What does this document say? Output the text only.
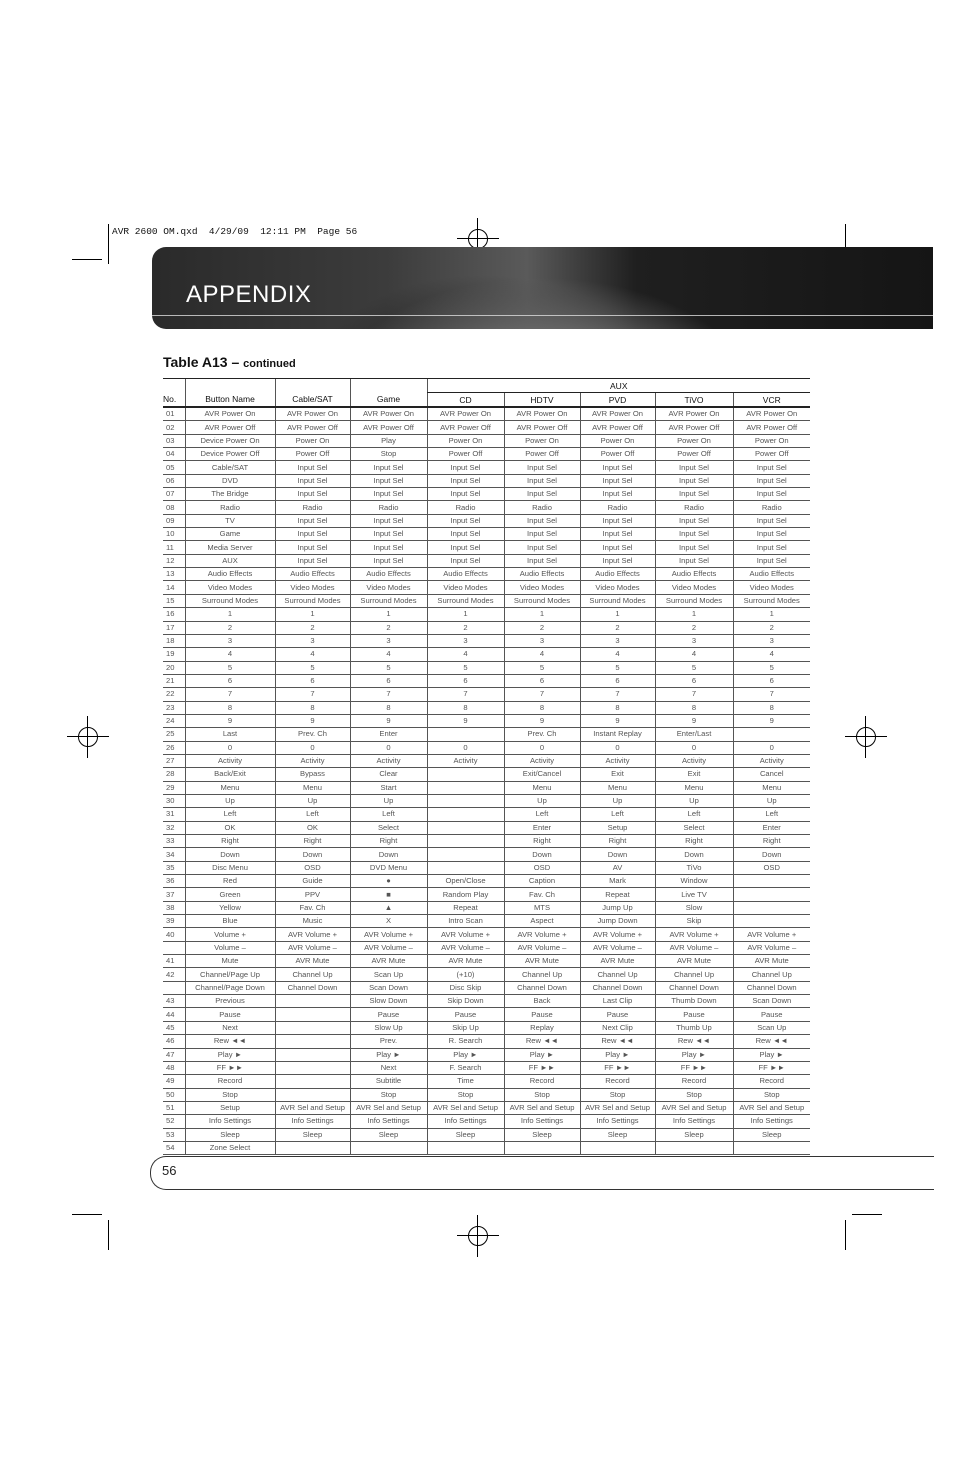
AVR 2600 OM.qxd  4/29/09  12:11 PM  Page 56
APPENDIX
Table A13 – continued
				AUX				
No.	Button Name	Cable/SAT	Game	CD	HDTV	PVD	TiVO	VCR
01	AVR Power On	AVR Power On	AVR Power On	AVR Power On	AVR Power On	AVR Power On	AVR Power On	AVR Power On
02	AVR Power Off	AVR Power Off	AVR Power Off	AVR Power Off	AVR Power Off	AVR Power Off	AVR Power Off	AVR Power Off
03	Device Power On	Power On	Play	Power On	Power On	Power On	Power On	Power On
04	Device Power Off	Power Off	Stop	Power Off	Power Off	Power Off	Power Off	Power Off
05	Cable/SAT	Input Sel	Input Sel	Input Sel	Input Sel	Input Sel	Input Sel	Input Sel
06	DVD	Input Sel	Input Sel	Input Sel	Input Sel	Input Sel	Input Sel	Input Sel
07	The Bridge	Input Sel	Input Sel	Input Sel	Input Sel	Input Sel	Input Sel	Input Sel
08	Radio	Radio	Radio	Radio	Radio	Radio	Radio	Radio
09	TV	Input Sel	Input Sel	Input Sel	Input Sel	Input Sel	Input Sel	Input Sel
10	Game	Input Sel	Input Sel	Input Sel	Input Sel	Input Sel	Input Sel	Input Sel
11	Media Server	Input Sel	Input Sel	Input Sel	Input Sel	Input Sel	Input Sel	Input Sel
12	AUX	Input Sel	Input Sel	Input Sel	Input Sel	Input Sel	Input Sel	Input Sel
13	Audio Effects	Audio Effects	Audio Effects	Audio Effects	Audio Effects	Audio Effects	Audio Effects	Audio Effects
14	Video Modes	Video Modes	Video Modes	Video Modes	Video Modes	Video Modes	Video Modes	Video Modes
15	Surround Modes	Surround Modes	Surround Modes	Surround Modes	Surround Modes	Surround Modes	Surround Modes	Surround Modes
16	1	1	1	1	1	1	1	1
17	2	2	2	2	2	2	2	2
18	3	3	3	3	3	3	3	3
19	4	4	4	4	4	4	4	4
20	5	5	5	5	5	5	5	5
21	6	6	6	6	6	6	6	6
22	7	7	7	7	7	7	7	7
23	8	8	8	8	8	8	8	8
24	9	9	9	9	9	9	9	9
25	Last	Prev. Ch	Enter		Prev. Ch	Instant Replay	Enter/Last	
26	0	0	0	0	0	0	0	0
27	Activity	Activity	Activity	Activity	Activity	Activity	Activity	Activity
28	Back/Exit	Bypass	Clear		Exit/Cancel	Exit	Exit	Cancel
29	Menu	Menu	Start		Menu	Menu	Menu	Menu
30	Up	Up	Up		Up	Up	Up	Up
31	Left	Left	Left		Left	Left	Left	Left
32	OK	OK	Select		Enter	Setup	Select	Enter
33	Right	Right	Right		Right	Right	Right	Right
34	Down	Down	Down		Down	Down	Down	Down
35	Disc Menu	OSD	DVD Menu		OSD	AV	TiVo	OSD
36	Red	Guide	●	Open/Close	Caption	Mark	Window	
37	Green	PPV	■	Random Play	Fav. Ch	Repeat	Live TV	
38	Yellow	Fav. Ch	▲	Repeat	MTS	Jump Up	Slow	
39	Blue	Music	X	Intro Scan	Aspect	Jump Down	Skip	
40	Volume +	AVR Volume +	AVR Volume +	AVR Volume +	AVR Volume +	AVR Volume +	AVR Volume +	AVR Volume +
	Volume –	AVR Volume –	AVR Volume –	AVR Volume –	AVR Volume –	AVR Volume –	AVR Volume –	AVR Volume –
41	Mute	AVR Mute	AVR Mute	AVR Mute	AVR Mute	AVR Mute	AVR Mute	AVR Mute
42	Channel/Page Up	Channel Up	Scan Up	(+10)	Channel Up	Channel Up	Channel Up	Channel Up
	Channel/Page Down	Channel Down	Scan Down	Disc Skip	Channel Down	Channel Down	Channel Down	Channel Down
43	Previous		Slow Down	Skip Down	Back	Last Clip	Thumb Down	Scan Down
44	Pause		Pause	Pause	Pause	Pause	Pause	Pause
45	Next		Slow Up	Skip Up	Replay	Next Clip	Thumb Up	Scan Up
46	Rew ◄◄		Prev.	R. Search	Rew ◄◄	Rew ◄◄	Rew ◄◄	Rew ◄◄
47	Play ►		Play ►	Play ►	Play ►	Play ►	Play ►	Play ►
48	FF ►►		Next	F. Search	FF ►►	FF ►►	FF ►►	FF ►►
49	Record		Subtitle	Time	Record	Record	Record	Record
50	Stop		Stop	Stop	Stop	Stop	Stop	Stop
51	Setup	AVR Sel and Setup	AVR Sel and Setup	AVR Sel and Setup	AVR Sel and Setup	AVR Sel and Setup	AVR Sel and Setup	AVR Sel and Setup
52	Info Settings	Info Settings	Info Settings	Info Settings	Info Settings	Info Settings	Info Settings	Info Settings
53	Sleep	Sleep	Sleep	Sleep	Sleep	Sleep	Sleep	Sleep
54	Zone Select							
56
